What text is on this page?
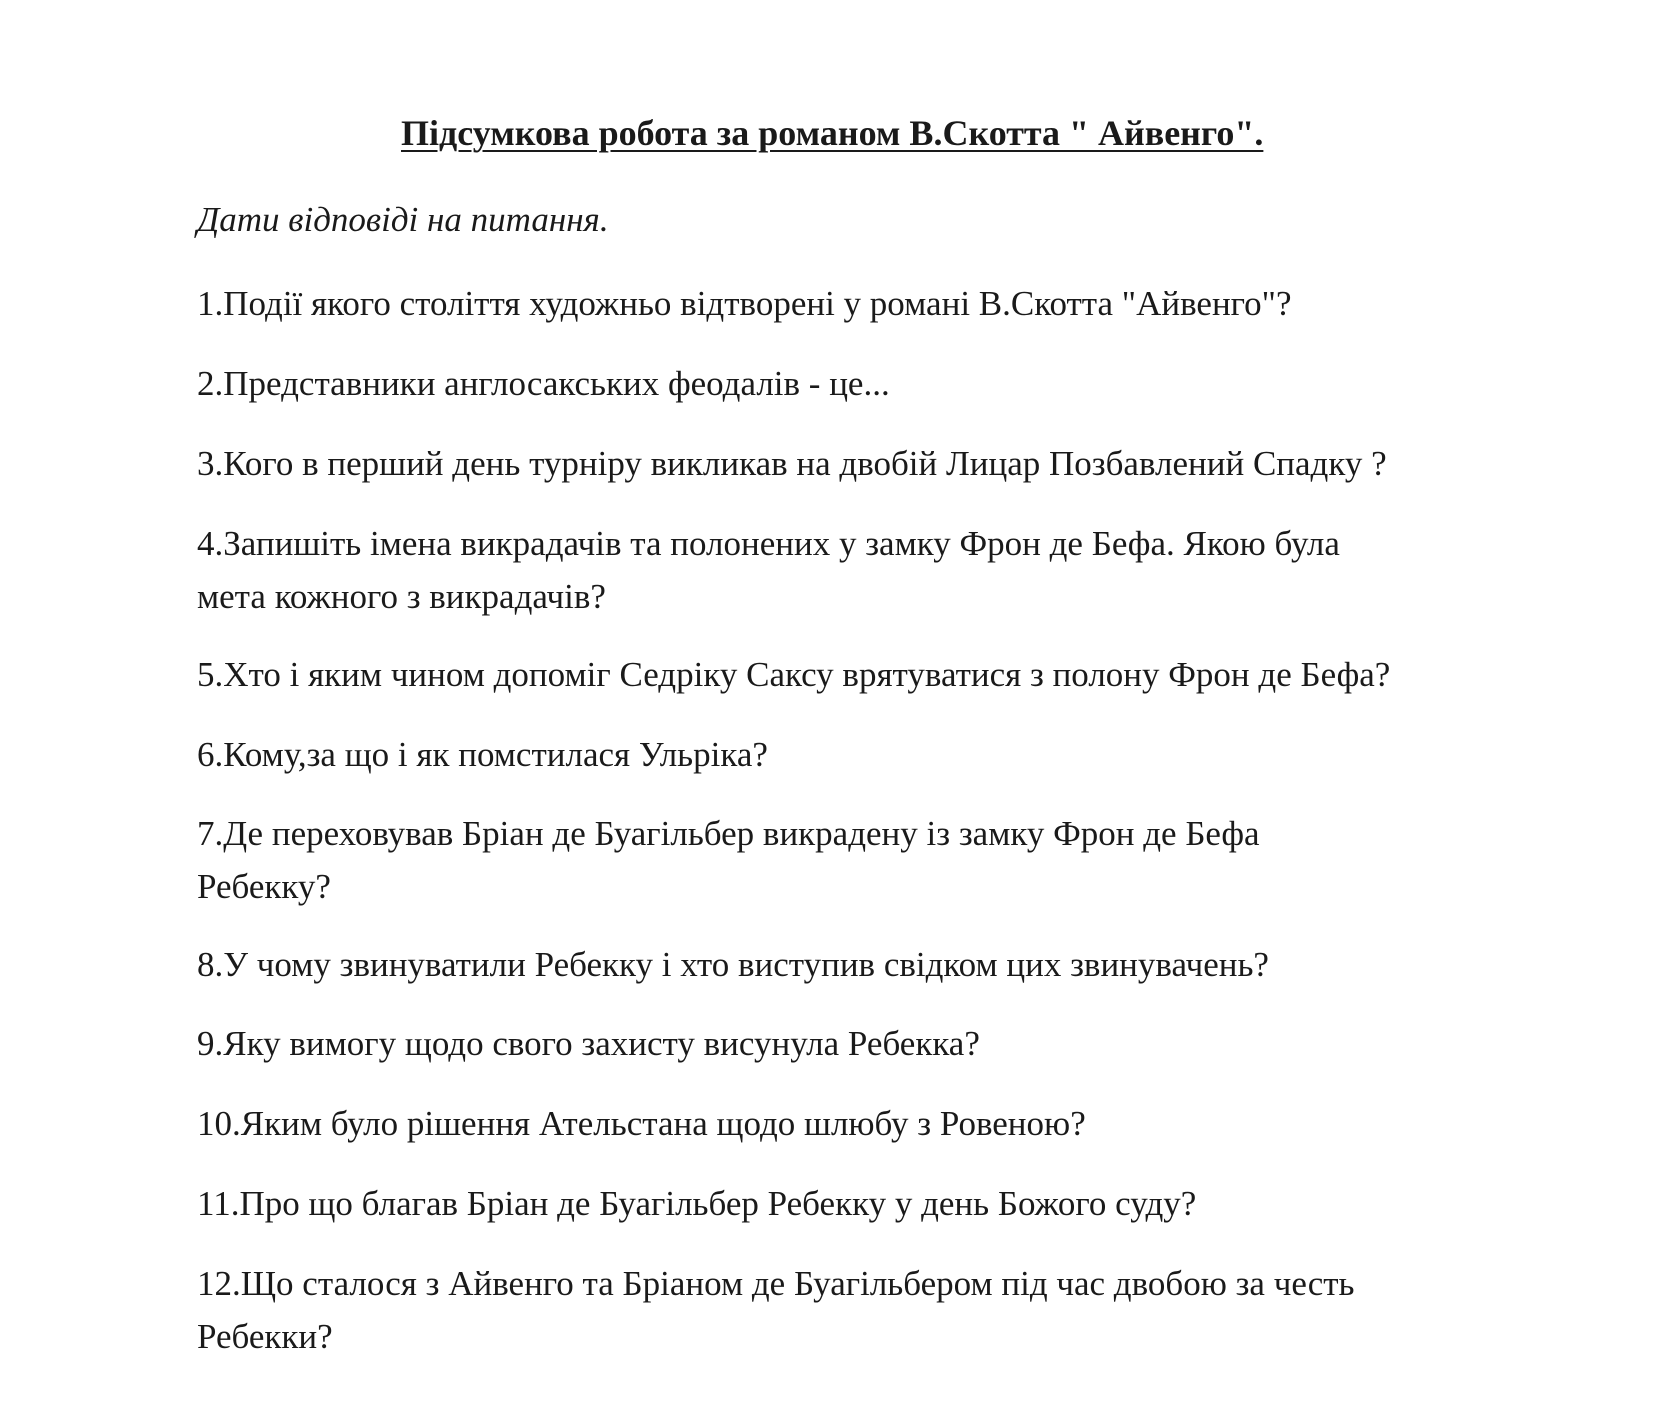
Підсумкова робота за романом В.Скотта " Айвенго".

Дати відповіді на питання.

1.Події якого століття художньо відтворені у романі В.Скотта "Айвенго"?

2.Представники англосакських феодалів - це...

3.Кого в перший день турніру викликав на двобій Лицар Позбавлений Спадку ?

4.Запишіть імена викрадачів та полонених у замку Фрон де Бефа. Якою була
мета кожного з викрадачів?

5.Хто і яким чином допоміг Седріку Саксу врятуватися з полону Фрон де Бефа?

6.Кому,за що і як помстилася Ульріка?

7.Де переховував Бріан де Буагільбер викрадену із замку Фрон де Бефа
Ребекку?

8.У чому звинуватили Ребекку і хто виступив свідком цих звинувачень?

9.Яку вимогу щодо свого захисту висунула Ребекка?

10.Яким було рішення Ательстана щодо шлюбу з Ровеною?

11.Про що благав Бріан де Буагільбер Ребекку у день Божого суду?

12.Що сталося з Айвенго та Бріаном де Буагільбером під час двобою за честь
Ребекки?
